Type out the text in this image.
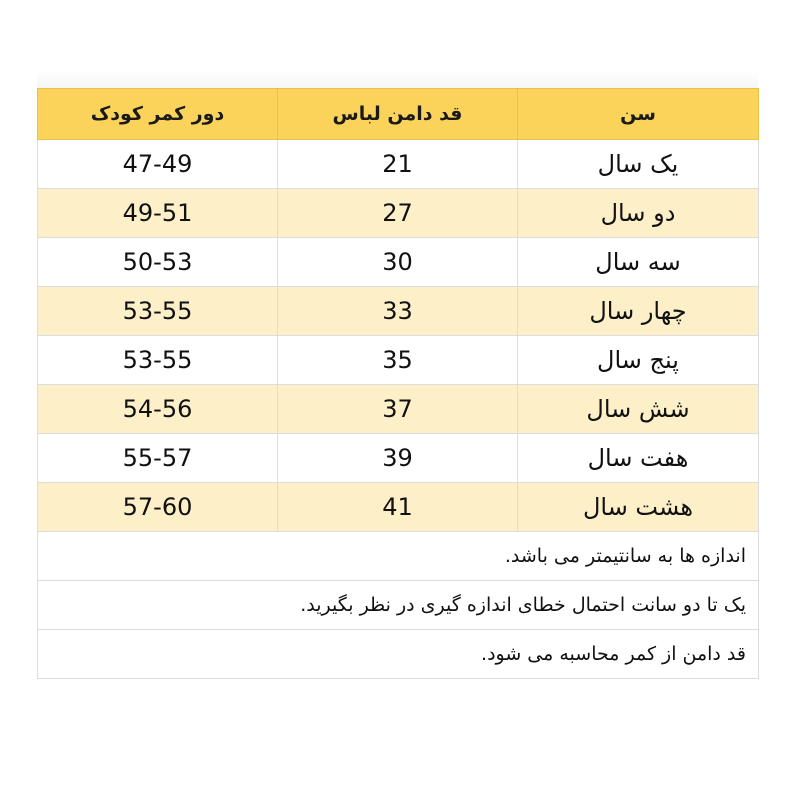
دور کمر کودک	قد دامن لباس	سن
47-49	21	یک سال
49-51	27	دو سال
50-53	30	سه سال
53-55	33	چهار سال
53-55	35	پنج سال
54-56	37	شش سال
55-57	39	هفت سال
57-60	41	هشت سال
اندازه ها به سانتیمتر می باشد.		
یک تا دو سانت احتمال خطای اندازه گیری در نظر بگیرید.		
قد دامن از کمر محاسبه می شود.		
